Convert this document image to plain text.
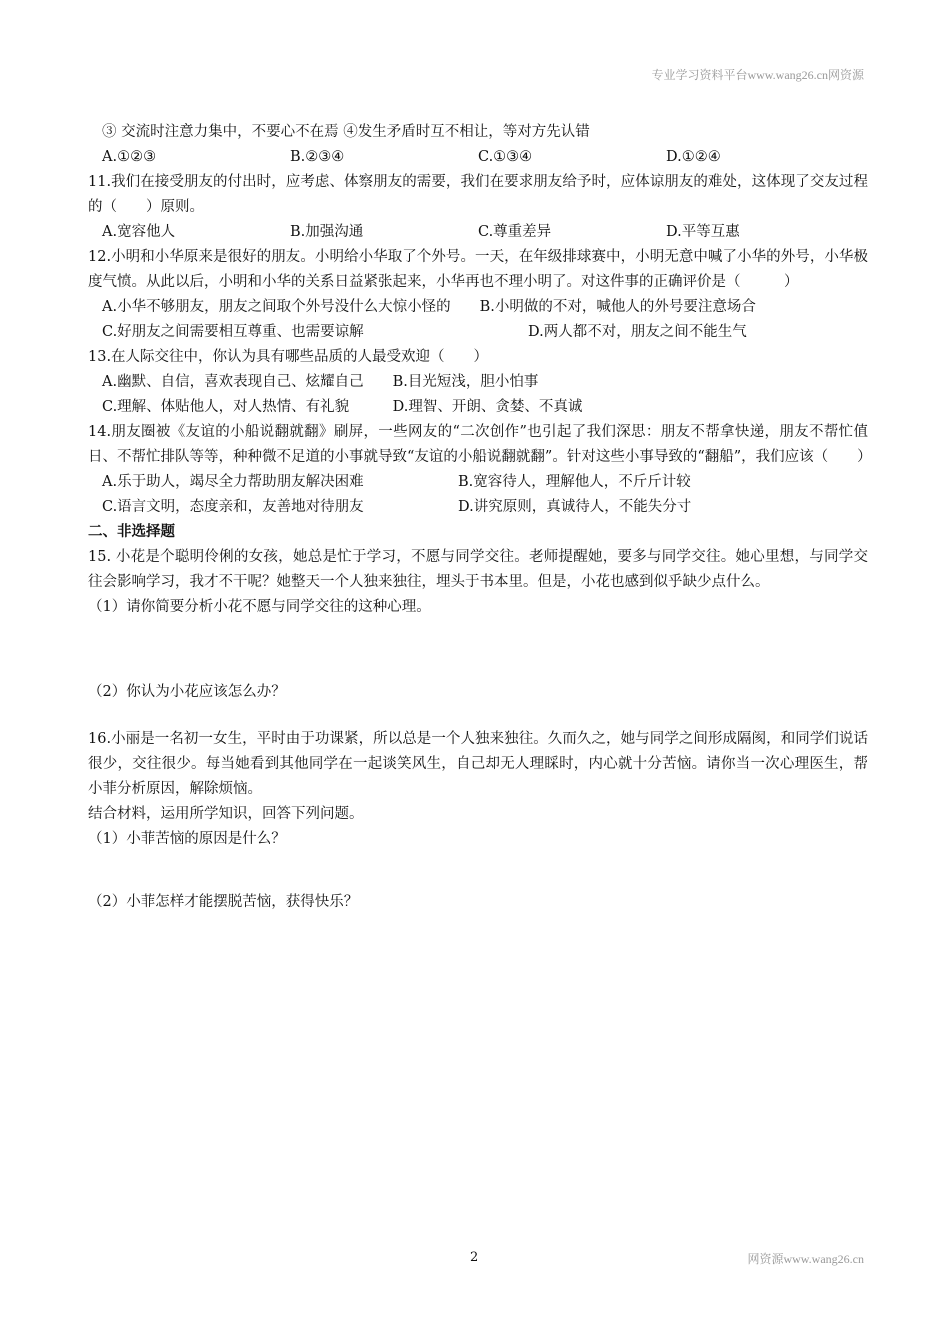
专业学习资料平台www.wang26.cn网资源
③ 交流时注意力集中，不要心不在焉 ④发生矛盾时互不相让，等对方先认错
A.①②③	B.②③④	C.①③④	D.①②④
11.我们在接受朋友的付出时，应考虑、体察朋友的需要，我们在要求朋友给予时，应体谅朋友的难处，这体现了交友过程的（　　）原则。
A.宽容他人	B.加强沟通	C.尊重差异	D.平等互惠
12.小明和小华原来是很好的朋友。小明给小华取了个外号。一天，在年级排球赛中，小明无意中喊了小华的外号，小华极度气愤。从此以后，小明和小华的关系日益紧张起来，小华再也不理小明了。对这件事的正确评价是（　　　）
A.小华不够朋友，朋友之间取个外号没什么大惊小怪的　　B.小明做的不对，喊他人的外号要注意场合
C.好朋友之间需要相互尊重、也需要谅解	D.两人都不对，朋友之间不能生气
13.在人际交往中，你认为具有哪些品质的人最受欢迎（　　）
A.幽默、自信，喜欢表现自己、炫耀自己　　B.目光短浅，胆小怕事
C.理解、体贴他人，对人热情、有礼貌　　　D.理智、开朗、贪婪、不真诚
14.朋友圈被《友谊的小船说翻就翻》刷屏，一些网友的“二次创作”也引起了我们深思：朋友不帮拿快递，朋友不帮忙值日、不帮忙排队等等，种种微不足道的小事就导致“友谊的小船说翻就翻”。针对这些小事导致的“翻船”，我们应该（　　）
A.乐于助人，竭尽全力帮助朋友解决困难	B.宽容待人，理解他人，不斤斤计较
C.语言文明，态度亲和，友善地对待朋友	D.讲究原则，真诚待人，不能失分寸
二、非选择题
15. 小花是个聪明伶俐的女孩，她总是忙于学习，不愿与同学交往。老师提醒她，要多与同学交往。她心里想，与同学交往会影响学习，我才不干呢？她整天一个人独来独往，埋头于书本里。但是，小花也感到似乎缺少点什么。
（1）请你简要分析小花不愿与同学交往的这种心理。
（2）你认为小花应该怎么办？
16.小丽是一名初一女生，平时由于功课紧，所以总是一个人独来独往。久而久之，她与同学之间形成隔阂，和同学们说话很少，交往很少。每当她看到其他同学在一起谈笑风生，自己却无人理睬时，内心就十分苦恼。请你当一次心理医生，帮小菲分析原因，解除烦恼。
结合材料，运用所学知识，回答下列问题。
（1）小菲苦恼的原因是什么？
（2）小菲怎样才能摆脱苦恼，获得快乐？
2	网资源www.wang26.cn
